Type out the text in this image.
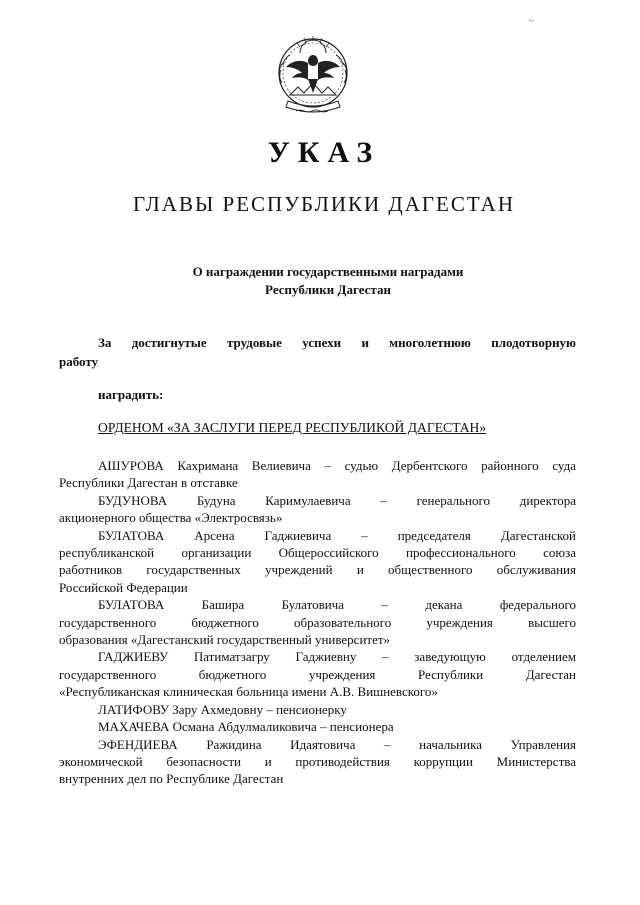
~
УКАЗ
ГЛАВЫ РЕСПУБЛИКИ ДАГЕСТАН
О награждении государственными наградами
Республики Дагестан
За достигнутые трудовые успехи и многолетнюю плодотворную
работу
наградить:
ОРДЕНОМ «ЗА ЗАСЛУГИ ПЕРЕД РЕСПУБЛИКОЙ ДАГЕСТАН»
АШУРОВА Кахримана Велиевича – судью Дербентского районного суда
Республики Дагестан в отставке
БУДУНОВА Будуна Каримулаевича – генерального директора
акционерного общества «Электросвязь»
БУЛАТОВА Арсена Гаджиевича – председателя Дагестанской
республиканской организации Общероссийского профессионального союза
работников государственных учреждений и общественного обслуживания
Российской Федерации
БУЛАТОВА Башира Булатовича – декана федерального
государственного бюджетного образовательного учреждения высшего
образования «Дагестанский государственный университет»
ГАДЖИЕВУ Патиматзагру Гаджиевну – заведующую отделением
государственного бюджетного учреждения Республики Дагестан
«Республиканская клиническая больница имени А.В. Вишневского»
ЛАТИФОВУ Зару Ахмедовну – пенсионерку
МАХАЧЕВА Османа Абдулмаликовича – пенсионера
ЭФЕНДИЕВА Ражидина Идаятовича – начальника Управления
экономической безопасности и противодействия коррупции Министерства
внутренних дел по Республике Дагестан
